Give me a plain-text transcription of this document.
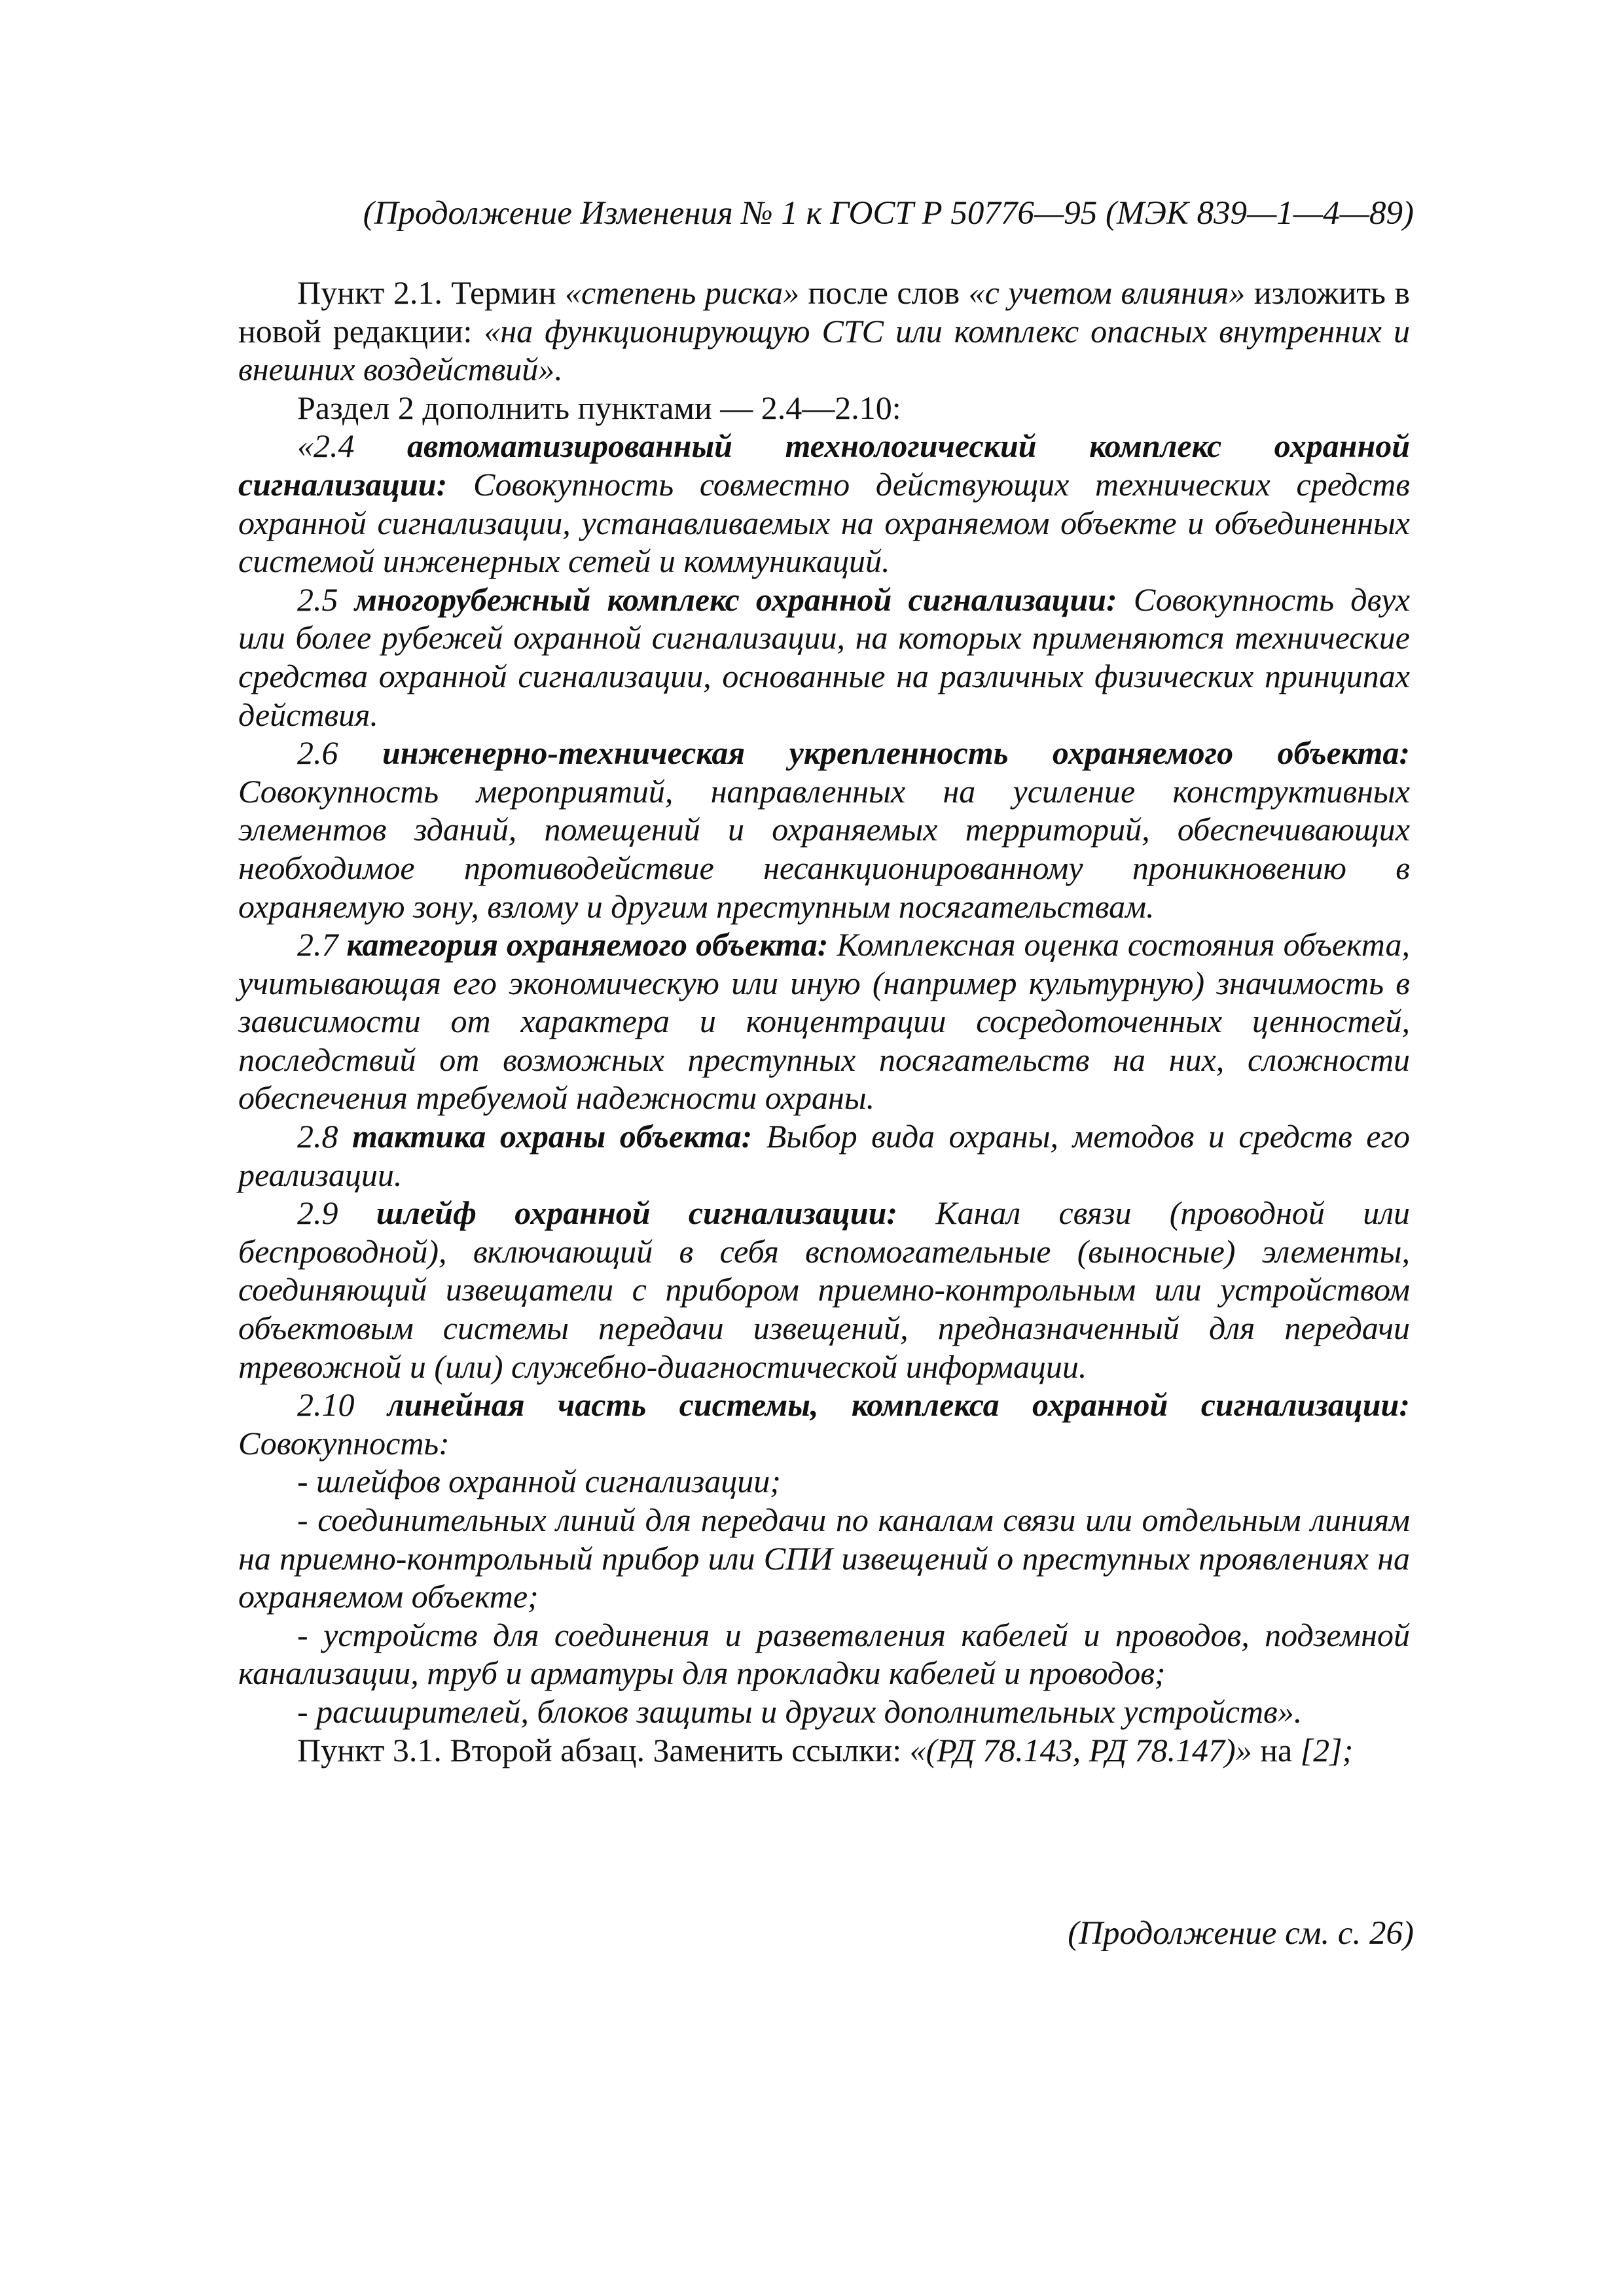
(Продолжение Изменения № 1 к ГОСТ Р 50776—95 (МЭК 839—1—4—89)

Пункт 2.1. Термин «степень риска» после слов «с учетом влияния» изложить в новой редакции: «на функционирующую СТС или комплекс опасных внутренних и внешних воздействий».

Раздел 2 дополнить пунктами — 2.4—2.10:

«2.4 автоматизированный технологический комплекс охранной сигнализации: Совокупность совместно действующих технических средств охранной сигнализации, устанавливаемых на охраняемом объекте и объединенных системой инженерных сетей и коммуникаций.

2.5 многорубежный комплекс охранной сигнализации: Совокупность двух или более рубежей охранной сигнализации, на которых применяются технические средства охранной сигнализации, основанные на различных физических принципах действия.

2.6 инженерно-техническая укрепленность охраняемого объекта: Совокупность мероприятий, направленных на усиление конструктивных элементов зданий, помещений и охраняемых территорий, обеспечивающих необходимое противодействие несанкционированному проникновению в охраняемую зону, взлому и другим преступным посягательствам.

2.7 категория охраняемого объекта: Комплексная оценка состояния объекта, учитывающая его экономическую или иную (например культурную) значимость в зависимости от характера и концентрации сосредоточенных ценностей, последствий от возможных преступных посягательств на них, сложности обеспечения требуемой надежности охраны.

2.8 тактика охраны объекта: Выбор вида охраны, методов и средств его реализации.

2.9 шлейф охранной сигнализации: Канал связи (проводной или беспроводной), включающий в себя вспомогательные (выносные) элементы, соединяющий извещатели с прибором приемно-контрольным или устройством объектовым системы передачи извещений, предназначенный для передачи тревожной и (или) служебно-диагностической информации.

2.10 линейная часть системы, комплекса охранной сигнализации: Совокупность:

- шлейфов охранной сигнализации;

- соединительных линий для передачи по каналам связи или отдельным линиям на приемно-контрольный прибор или СПИ извещений о преступных проявлениях на охраняемом объекте;

- устройств для соединения и разветвления кабелей и проводов, подземной канализации, труб и арматуры для прокладки кабелей и проводов;

- расширителей, блоков защиты и других дополнительных устройств».

Пункт 3.1. Второй абзац. Заменить ссылки: «(РД 78.143, РД 78.147)» на [2];

(Продолжение см. с. 26)
